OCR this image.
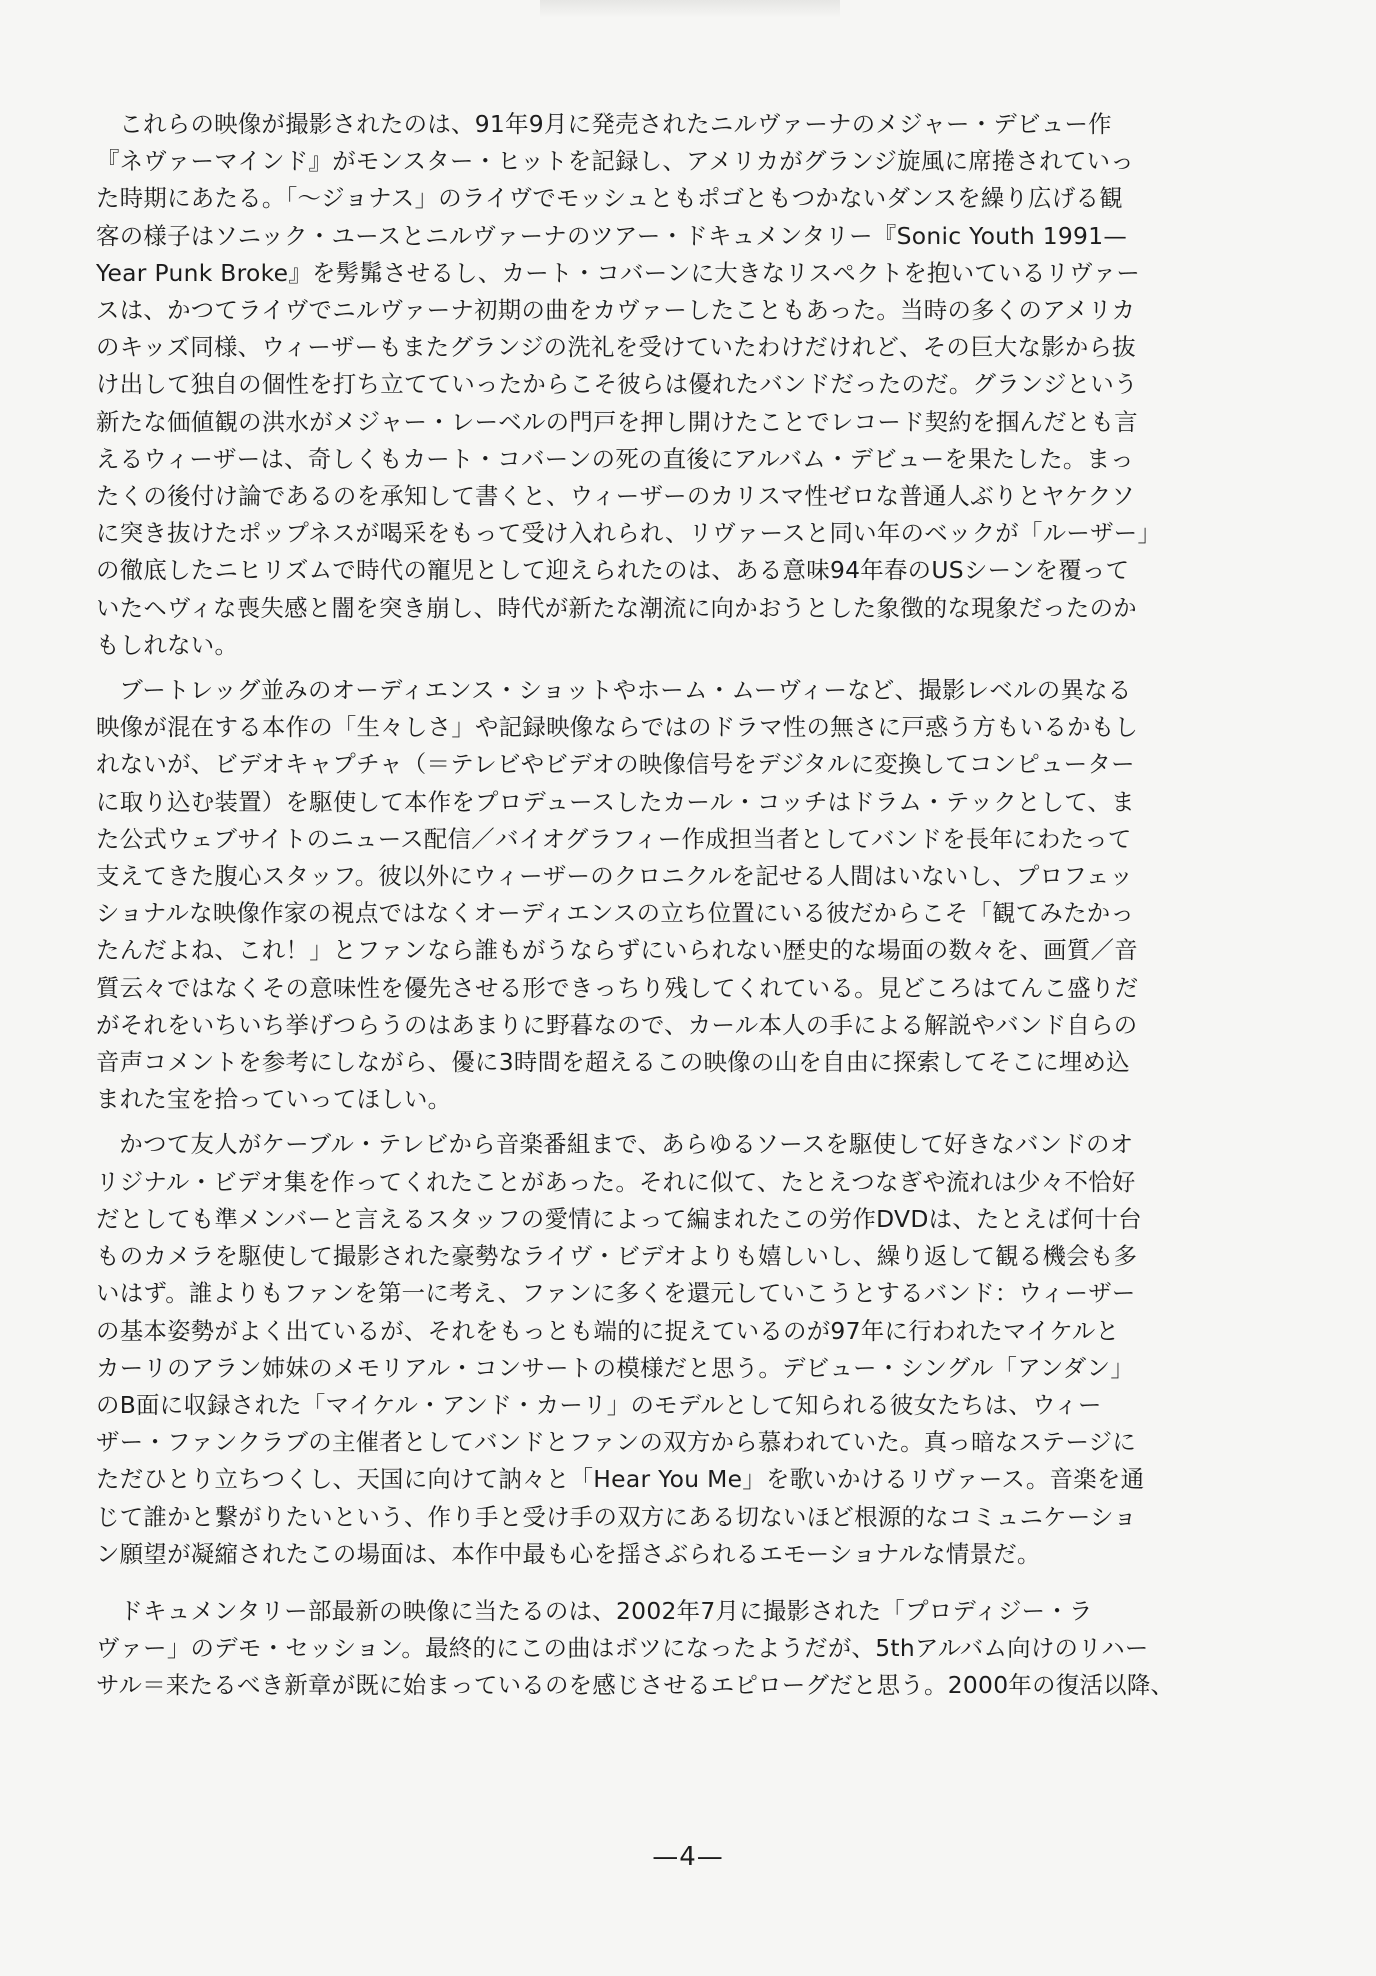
これらの映像が撮影されたのは、91年9月に発売されたニルヴァーナのメジャー・デビュー作
『ネヴァーマインド』がモンスター・ヒットを記録し、アメリカがグランジ旋風に席捲されていっ
た時期にあたる。「〜ジョナス」のライヴでモッシュともポゴともつかないダンスを繰り広げる観
客の様子はソニック・ユースとニルヴァーナのツアー・ドキュメンタリー『Sonic Youth 1991—
Year Punk Broke』を髣髴させるし、カート・コバーンに大きなリスペクトを抱いているリヴァー
スは、かつてライヴでニルヴァーナ初期の曲をカヴァーしたこともあった。当時の多くのアメリカ
のキッズ同様、ウィーザーもまたグランジの洗礼を受けていたわけだけれど、その巨大な影から抜
け出して独自の個性を打ち立てていったからこそ彼らは優れたバンドだったのだ。グランジという
新たな価値観の洪水がメジャー・レーベルの門戸を押し開けたことでレコード契約を掴んだとも言
えるウィーザーは、奇しくもカート・コバーンの死の直後にアルバム・デビューを果たした。まっ
たくの後付け論であるのを承知して書くと、ウィーザーのカリスマ性ゼロな普通人ぶりとヤケクソ
に突き抜けたポップネスが喝采をもって受け入れられ、リヴァースと同い年のベックが「ルーザー」
の徹底したニヒリズムで時代の寵児として迎えられたのは、ある意味94年春のUSシーンを覆って
いたヘヴィな喪失感と闇を突き崩し、時代が新たな潮流に向かおうとした象徴的な現象だったのか
もしれない。
ブートレッグ並みのオーディエンス・ショットやホーム・ムーヴィーなど、撮影レベルの異なる
映像が混在する本作の「生々しさ」や記録映像ならではのドラマ性の無さに戸惑う方もいるかもし
れないが、ビデオキャプチャ（＝テレビやビデオの映像信号をデジタルに変換してコンピューター
に取り込む装置）を駆使して本作をプロデュースしたカール・コッチはドラム・テックとして、ま
た公式ウェブサイトのニュース配信／バイオグラフィー作成担当者としてバンドを長年にわたって
支えてきた腹心スタッフ。彼以外にウィーザーのクロニクルを記せる人間はいないし、プロフェッ
ショナルな映像作家の視点ではなくオーディエンスの立ち位置にいる彼だからこそ「観てみたかっ
たんだよね、これ！」とファンなら誰もがうならずにいられない歴史的な場面の数々を、画質／音
質云々ではなくその意味性を優先させる形できっちり残してくれている。見どころはてんこ盛りだ
がそれをいちいち挙げつらうのはあまりに野暮なので、カール本人の手による解説やバンド自らの
音声コメントを参考にしながら、優に3時間を超えるこの映像の山を自由に探索してそこに埋め込
まれた宝を拾っていってほしい。
かつて友人がケーブル・テレビから音楽番組まで、あらゆるソースを駆使して好きなバンドのオ
リジナル・ビデオ集を作ってくれたことがあった。それに似て、たとえつなぎや流れは少々不恰好
だとしても準メンバーと言えるスタッフの愛情によって編まれたこの労作DVDは、たとえば何十台
ものカメラを駆使して撮影された豪勢なライヴ・ビデオよりも嬉しいし、繰り返して観る機会も多
いはず。誰よりもファンを第一に考え、ファンに多くを還元していこうとするバンド：ウィーザー
の基本姿勢がよく出ているが、それをもっとも端的に捉えているのが97年に行われたマイケルと
カーリのアラン姉妹のメモリアル・コンサートの模様だと思う。デビュー・シングル「アンダン」
のB面に収録された「マイケル・アンド・カーリ」のモデルとして知られる彼女たちは、ウィー
ザー・ファンクラブの主催者としてバンドとファンの双方から慕われていた。真っ暗なステージに
ただひとり立ちつくし、天国に向けて訥々と「Hear You Me」を歌いかけるリヴァース。音楽を通
じて誰かと繋がりたいという、作り手と受け手の双方にある切ないほど根源的なコミュニケーショ
ン願望が凝縮されたこの場面は、本作中最も心を揺さぶられるエモーショナルな情景だ。
ドキュメンタリー部最新の映像に当たるのは、2002年7月に撮影された「プロディジー・ラ
ヴァー」のデモ・セッション。最終的にこの曲はボツになったようだが、5thアルバム向けのリハー
サル＝来たるべき新章が既に始まっているのを感じさせるエピローグだと思う。2000年の復活以降、
—4—
